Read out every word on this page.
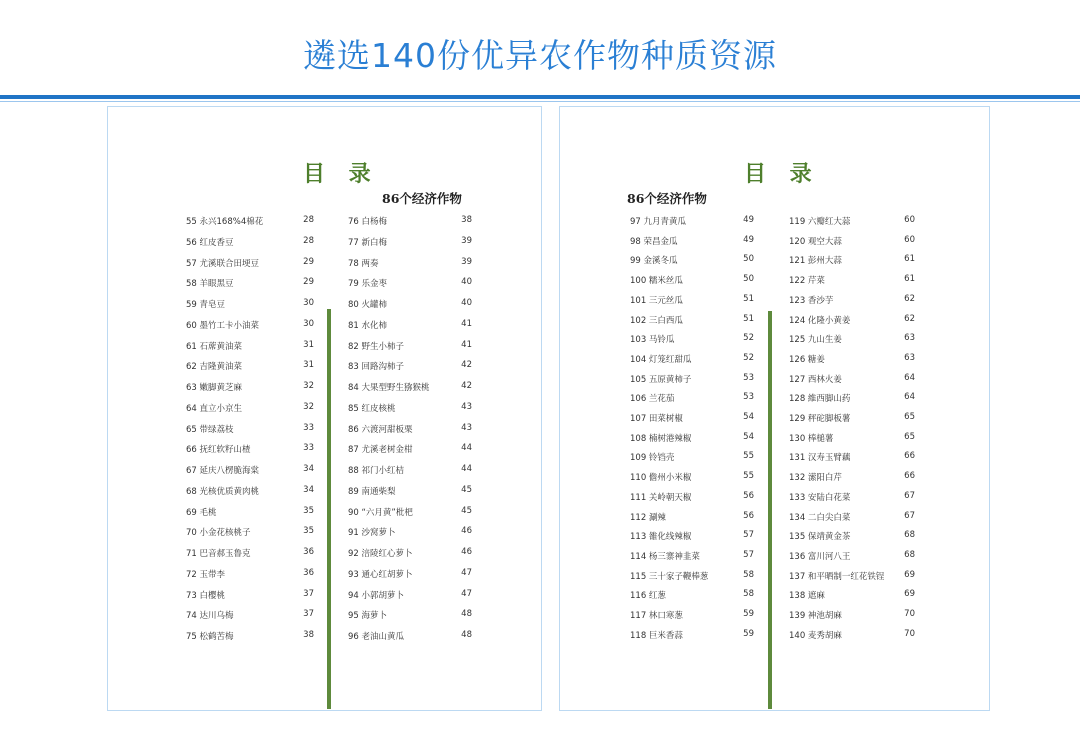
遴选140份优异农作物种质资源
目 录
86个经济作物
55 永兴168%4棉花	28
56 红皮香豆	28
57 尤溪联合田埂豆	29
58 羊眼黑豆	29
59 青皂豆	30
60 墨竹工卡小油菜	30
61 石蓆黄油菜	31
62 吉隆黄油菜	31
63 嫩脚黄芝麻	32
64 直立小京生	32
65 带绿荔枝	33
66 抚红软籽山楂	33
67 延庆八楞脆海棠	34
68 光核优质黄肉桃	34
69 毛桃	35
70 小金花核桃子	35
71 巴音郝玉鲁克	36
72 玉带李	36
73 白樱桃	37
74 达川乌梅	37
75 松鹤苦梅	38
76 白杨梅	38
77 新白梅	39
78 两奏	39
79 乐金枣	40
80 火罐柿	40
81 水化柿	41
82 野生小柿子	41
83 回路沟柿子	42
84 大果型野生猕猴桃	42
85 红皮核桃	43
86 六渡河甜板栗	43
87 尤溪老树金柑	44
88 祁门小红桔	44
89 南通柴梨	45
90 “六月黄”枇杷	45
91 沙窝萝卜	46
92 涪陵红心萝卜	46
93 通心红胡萝卜	47
94 小郭胡萝卜	47
95 海萝卜	48
96 老油山黄瓜	48
目 录
86个经济作物
97 九月青黄瓜	49
98 荣昌金瓜	49
99 金溪冬瓜	50
100 糯米丝瓜	50
101 三元丝瓜	51
102 三白西瓜	51
103 马铃瓜	52
104 灯笼红甜瓜	52
105 五原黄柿子	53
106 兰花茄	53
107 田菜树椒	54
108 楠树港辣椒	54
109 铃铛壳	55
110 儋州小米椒	55
111 关岭朝天椒	56
112 涮辣	56
113 雒化线辣椒	57
114 杨三寨神韭菜	57
115 三十家子鞭棒葱	58
116 红葱	58
117 林口寒葱	59
118 巨米香蒜	59
119 六瓣红大蒜	60
120 观空大蒜	60
121 彭州大蒜	61
122 芹菜	61
123 香沙芋	62
124 化隆小黄姜	62
125 九山生姜	63
126 糖姜	63
127 西林火姜	64
128 維西脚山药	64
129 秤砣脚板薯	65
130 棒槌薯	65
131 汉寿玉臂藕	66
132 潆阳白芹	66
133 安陆白花菜	67
134 二白尖白菜	67
135 保靖黄金茶	68
136 富川河八王	68
137 和平晒制一红花铁锃	69
138 遮麻	69
139 神池胡麻	70
140 麦秀胡麻	70
